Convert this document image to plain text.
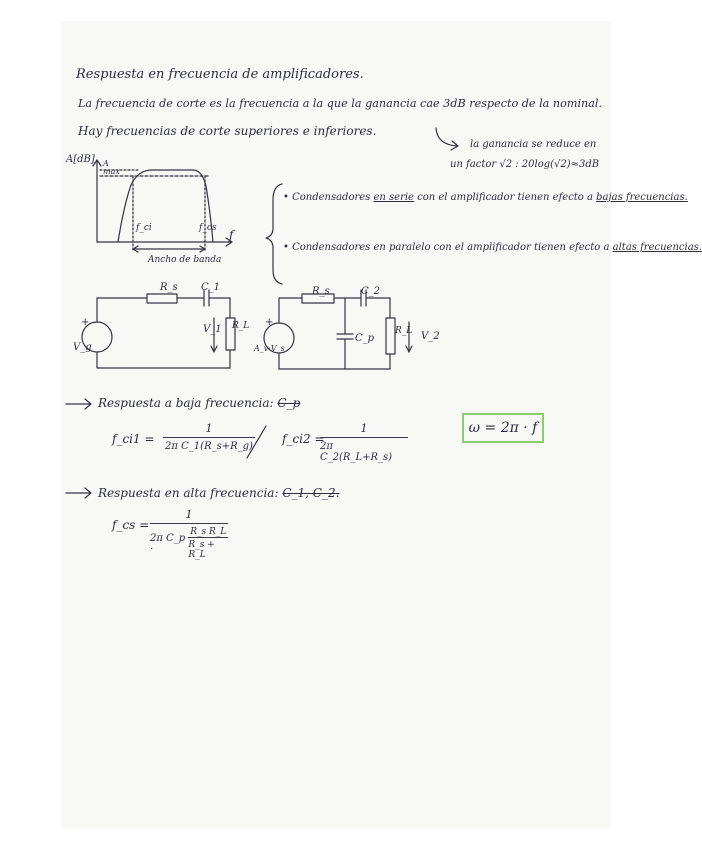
Respuesta en frecuencia de amplificadores.
La frecuencia de corte es la frecuencia a la que la ganancia cae 3dB respecto de la nominal.
Hay frecuencias de corte superiores e inferiores.
la ganancia se reduce en
un factor √2 : 20log(√2)≈3dB
A[dB] A max
f
f_ci	f_cs
Ancho de banda
• Condensadores en serie con el amplificador tienen efecto a bajas frecuencias.
• Condensadores en paralelo con el amplificador tienen efecto a altas frecuencias.
R_s C_1
+
V_g
V_1 R_L
R_s	C_2
C_p
+
A_v·V_s
R_L V_2
Respuesta a baja frecuencia: C_p
f_ci1 =
1
2π C_1(R_s+R_g)
f_ci2 =
1
2π C_2(R_L+R_s)
ω = 2π · f
Respuesta en alta frecuencia: C_1, C_2.
f_cs =
1
2π C_p ·
R_s R_L
R_s + R_L
